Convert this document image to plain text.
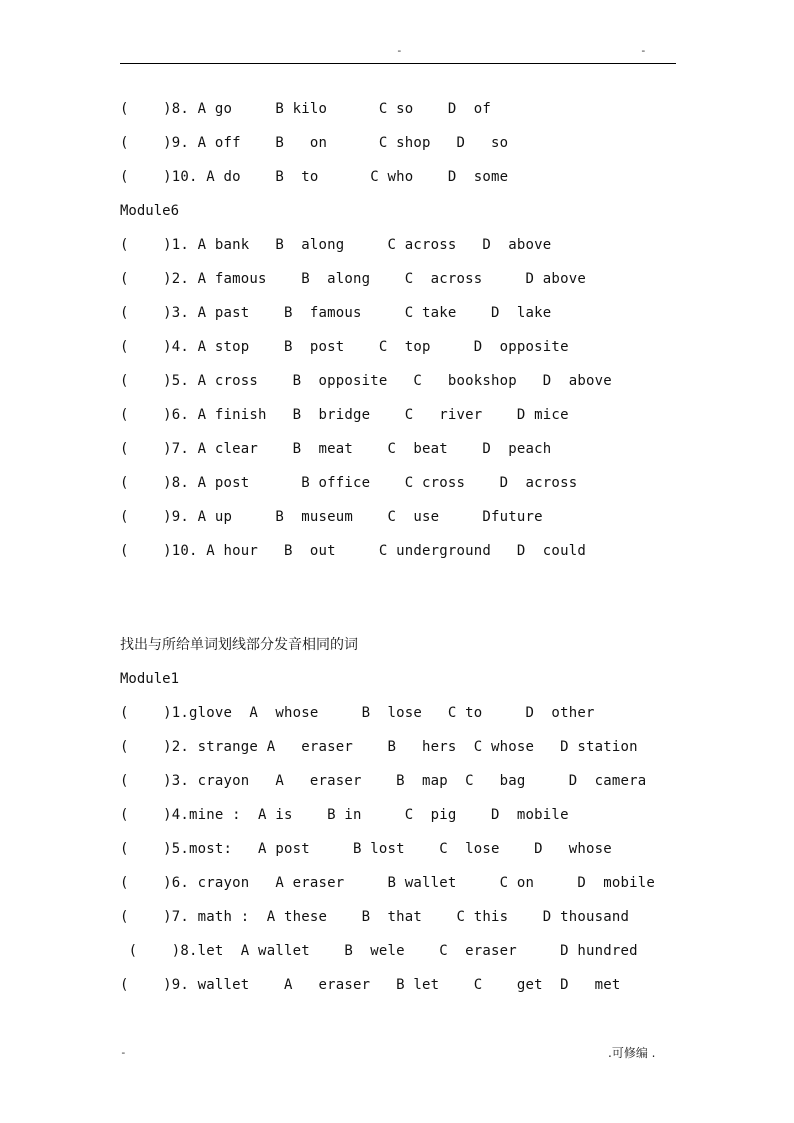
-	-
(    )8. A go     B kilo      C so    D  of
(    )9. A off    B   on      C shop   D   so
(    )10. A do    B  to      C who    D  some
Module6
(    )1. A bank   B  along     C across   D  above
(    )2. A famous    B  along    C  across     D above
(    )3. A past    B  famous     C take    D  lake
(    )4. A stop    B  post    C  top     D  opposite
(    )5. A cross    B  opposite   C   bookshop   D  above
(    )6. A finish   B  bridge    C   river    D mice
(    )7. A clear    B  meat    C  beat    D  peach
(    )8. A post      B office    C cross    D  across
(    )9. A up     B  museum    C  use     Dfuture
(    )10. A hour   B  out     C underground   D  could
找出与所给单词划线部分发音相同的词
Module1
(    )1.glove  A  whose     B  lose   C to     D  other
(    )2. strange A   eraser    B   hers  C whose   D station
(    )3. crayon   A   eraser    B  map  C   bag     D  camera
(    )4.mine :  A is    B in     C  pig    D  mobile
(    )5.most:   A post     B lost    C  lose    D   whose
(    )6. crayon   A eraser     B wallet     C on     D  mobile
(    )7. math :  A these    B  that    C this    D thousand
(    )8.let  A wallet    B  wele    C  eraser     D hundred
(    )9. wallet    A   eraser   B let    C    get  D   met
-	.可修编 .
